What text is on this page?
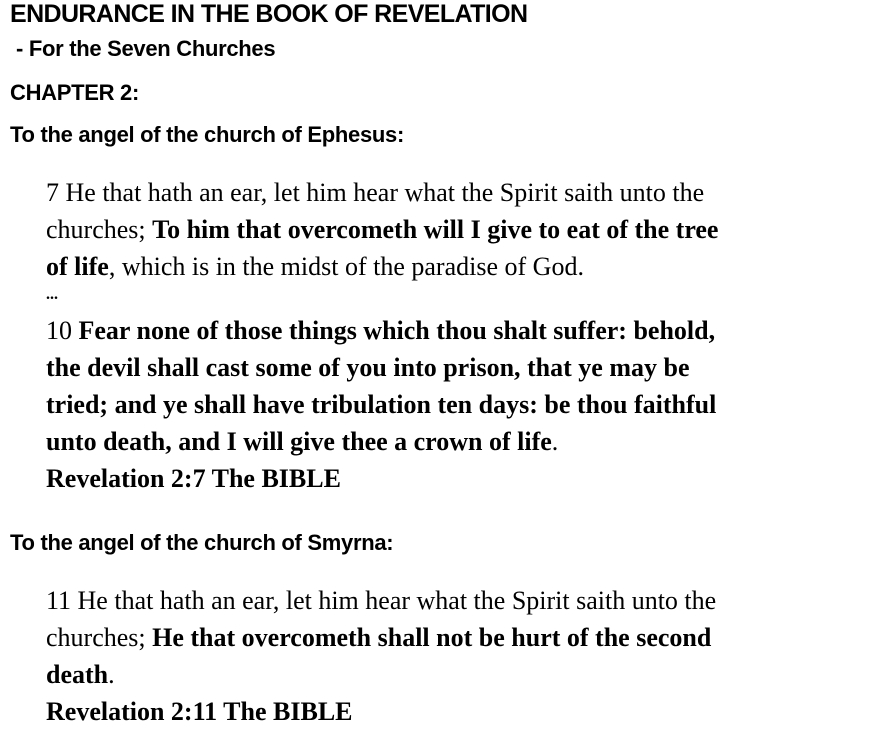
ENDURANCE IN THE BOOK OF REVELATION
- For the Seven Churches
CHAPTER 2:
To the angel of the church of Ephesus:
7 He that hath an ear, let him hear what the Spirit saith unto the
churches; To him that overcometh will I give to eat of the tree
of life, which is in the midst of the paradise of God.
...
10 Fear none of those things which thou shalt suffer: behold,
the devil shall cast some of you into prison, that ye may be
tried; and ye shall have tribulation ten days: be thou faithful
unto death, and I will give thee a crown of life.
Revelation 2:7 The BIBLE
To the angel of the church of Smyrna:
11 He that hath an ear, let him hear what the Spirit saith unto the
churches; He that overcometh shall not be hurt of the second
death.
Revelation 2:11 The BIBLE
